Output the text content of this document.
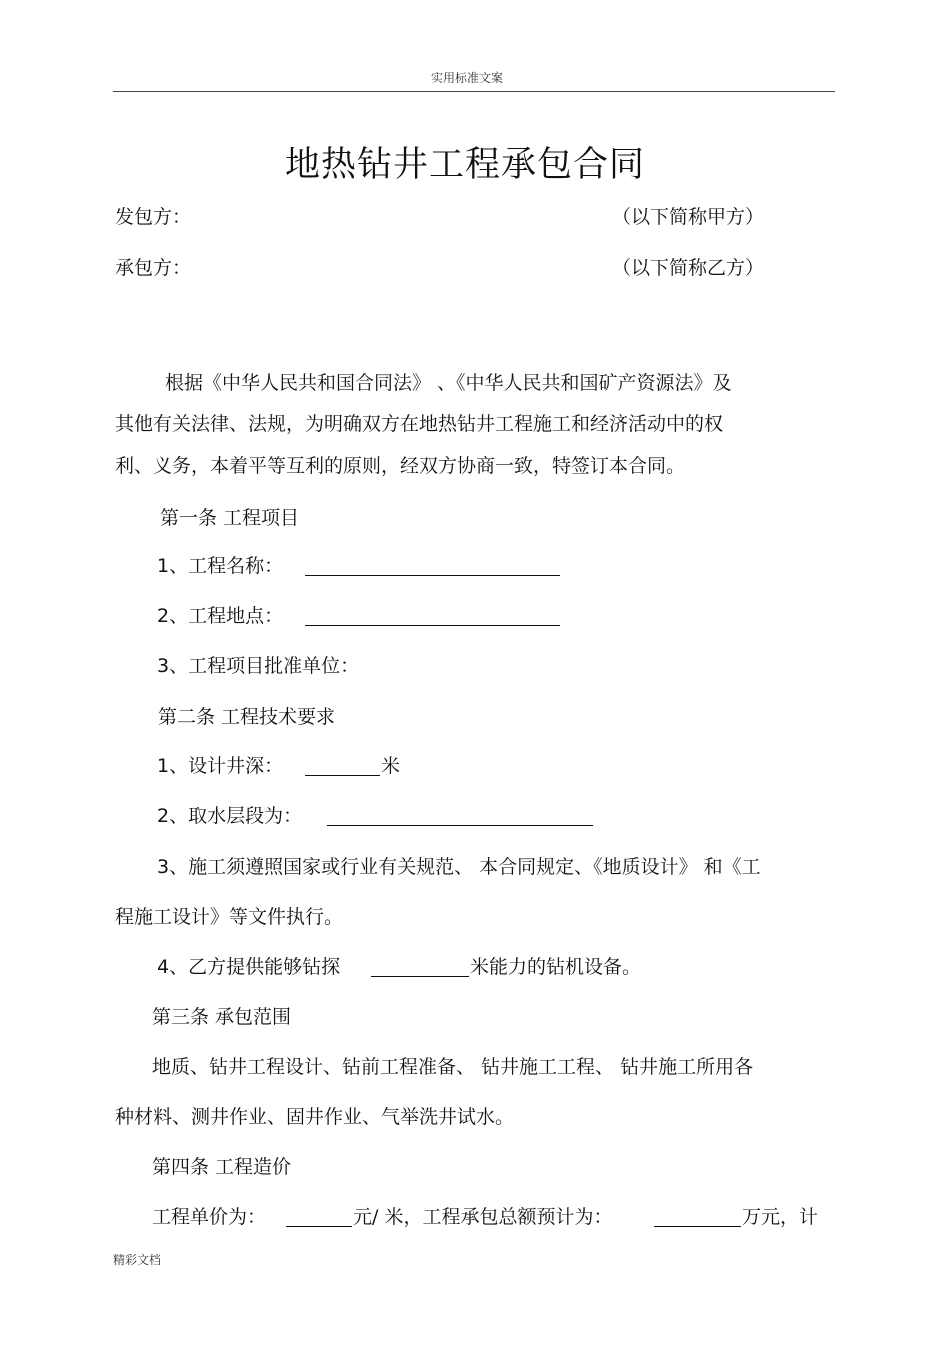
实用标准文案
地热钻井工程承包合同
发包方：	（以下简称甲方）
承包方：	（以下简称乙方）
根据《中华人民共和国合同法》 、《中华人民共和国矿产资源法》及
其他有关法律、法规，为明确双方在地热钻井工程施工和经济活动中的权
利、义务，本着平等互利的原则，经双方协商一致，特签订本合同。
第一条 工程项目
1、工程名称：
2、工程地点：
3、工程项目批准单位：
第二条 工程技术要求
1、设计井深：	米
2、取水层段为：
3、施工须遵照国家或行业有关规范、 本合同规定、《地质设计》 和《工
程施工设计》等文件执行。
4、乙方提供能够钻探	米能力的钻机设备。
第三条 承包范围
地质、钻井工程设计、钻前工程准备、 钻井施工工程、 钻井施工所用各
种材料、测井作业、固井作业、气举洗井试水。
第四条 工程造价
工程单价为：	元/ 米，工程承包总额预计为：	万元，计
精彩文档
